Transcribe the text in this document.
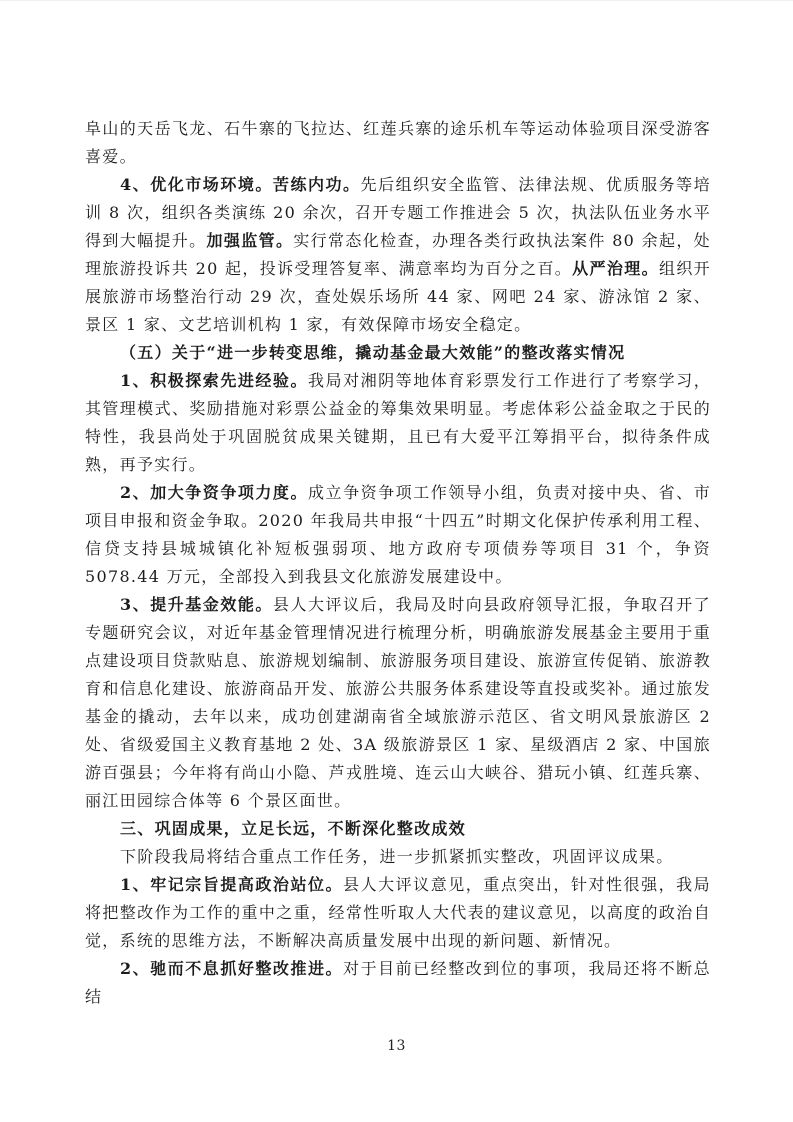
阜山的天岳飞龙、石牛寨的飞拉达、红莲兵寨的途乐机车等运动体验项目深受游客喜爱。

4、优化市场环境。苦练内功。先后组织安全监管、法律法规、优质服务等培训 8 次，组织各类演练 20 余次，召开专题工作推进会 5 次，执法队伍业务水平得到大幅提升。加强监管。实行常态化检查，办理各类行政执法案件 80 余起，处理旅游投诉共 20 起，投诉受理答复率、满意率均为百分之百。从严治理。组织开展旅游市场整治行动 29 次，查处娱乐场所 44 家、网吧 24 家、游泳馆 2 家、景区 1 家、文艺培训机构 1 家，有效保障市场安全稳定。

（五）关于“进一步转变思维，撬动基金最大效能”的整改落实情况

1、积极探索先进经验。我局对湘阴等地体育彩票发行工作进行了考察学习，其管理模式、奖励措施对彩票公益金的筹集效果明显。考虑体彩公益金取之于民的特性，我县尚处于巩固脱贫成果关键期，且已有大爱平江筹捐平台，拟待条件成熟，再予实行。

2、加大争资争项力度。成立争资争项工作领导小组，负责对接中央、省、市项目申报和资金争取。2020 年我局共申报“十四五”时期文化保护传承利用工程、信贷支持县城城镇化补短板强弱项、地方政府专项债券等项目 31 个，争资 5078.44 万元，全部投入到我县文化旅游发展建设中。

3、提升基金效能。县人大评议后，我局及时向县政府领导汇报，争取召开了专题研究会议，对近年基金管理情况进行梳理分析，明确旅游发展基金主要用于重点建设项目贷款贴息、旅游规划编制、旅游服务项目建设、旅游宣传促销、旅游教育和信息化建设、旅游商品开发、旅游公共服务体系建设等直投或奖补。通过旅发基金的撬动，去年以来，成功创建湖南省全域旅游示范区、省文明风景旅游区 2 处、省级爱国主义教育基地 2 处、3A 级旅游景区 1 家、星级酒店 2 家、中国旅游百强县；今年将有尚山小隐、芦戎胜境、连云山大峡谷、猎玩小镇、红莲兵寨、丽江田园综合体等 6 个景区面世。

三、巩固成果，立足长远，不断深化整改成效

下阶段我局将结合重点工作任务，进一步抓紧抓实整改，巩固评议成果。

1、牢记宗旨提高政治站位。县人大评议意见，重点突出，针对性很强，我局将把整改作为工作的重中之重，经常性听取人大代表的建议意见，以高度的政治自觉，系统的思维方法，不断解决高质量发展中出现的新问题、新情况。

2、驰而不息抓好整改推进。对于目前已经整改到位的事项，我局还将不断总结

13
